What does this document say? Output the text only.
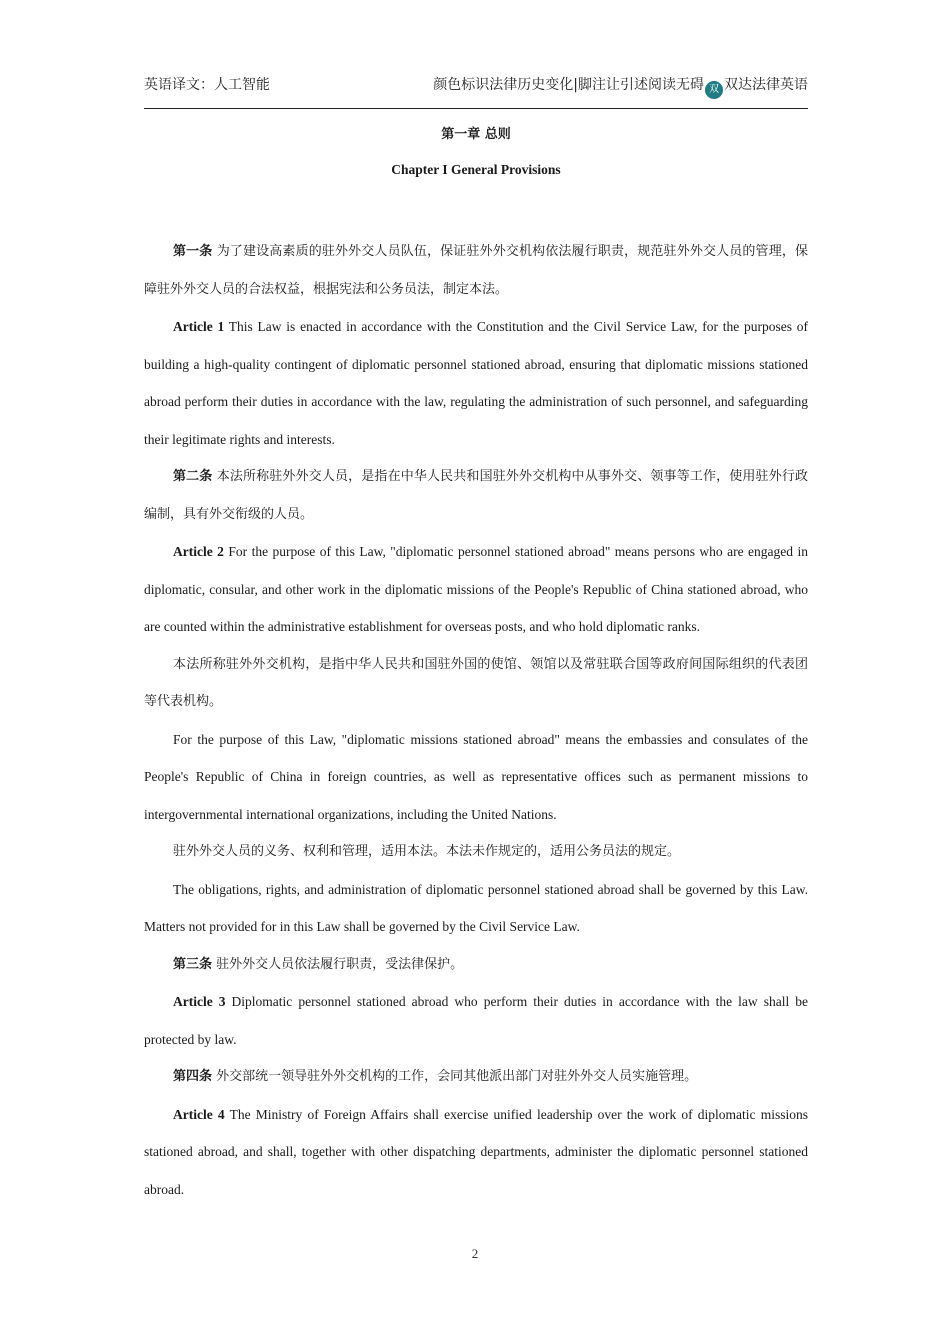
英语译文：人工智能	颜色标识法律历史变化|脚注让引述阅读无碍 双 双达法律英语
第一章 总则
Chapter I General Provisions

第一条 为了建设高素质的驻外外交人员队伍，保证驻外外交机构依法履行职责，规范驻外外交人员的管理，保障驻外外交人员的合法权益，根据宪法和公务员法，制定本法。

Article 1 This Law is enacted in accordance with the Constitution and the Civil Service Law, for the purposes of building a high-quality contingent of diplomatic personnel stationed abroad, ensuring that diplomatic missions stationed abroad perform their duties in accordance with the law, regulating the administration of such personnel, and safeguarding their legitimate rights and interests.

第二条 本法所称驻外外交人员，是指在中华人民共和国驻外外交机构中从事外交、领事等工作，使用驻外行政编制，具有外交衔级的人员。

Article 2 For the purpose of this Law, "diplomatic personnel stationed abroad" means persons who are engaged in diplomatic, consular, and other work in the diplomatic missions of the People's Republic of China stationed abroad, who are counted within the administrative establishment for overseas posts, and who hold diplomatic ranks.

本法所称驻外外交机构，是指中华人民共和国驻外国的使馆、领馆以及常驻联合国等政府间国际组织的代表团等代表机构。

For the purpose of this Law, "diplomatic missions stationed abroad" means the embassies and consulates of the People's Republic of China in foreign countries, as well as representative offices such as permanent missions to intergovernmental international organizations, including the United Nations.

驻外外交人员的义务、权利和管理，适用本法。本法未作规定的，适用公务员法的规定。

The obligations, rights, and administration of diplomatic personnel stationed abroad shall be governed by this Law. Matters not provided for in this Law shall be governed by the Civil Service Law.

第三条 驻外外交人员依法履行职责，受法律保护。

Article 3 Diplomatic personnel stationed abroad who perform their duties in accordance with the law shall be protected by law.

第四条 外交部统一领导驻外外交机构的工作，会同其他派出部门对驻外外交人员实施管理。

Article 4 The Ministry of Foreign Affairs shall exercise unified leadership over the work of diplomatic missions stationed abroad, and shall, together with other dispatching departments, administer the diplomatic personnel stationed abroad.

2
